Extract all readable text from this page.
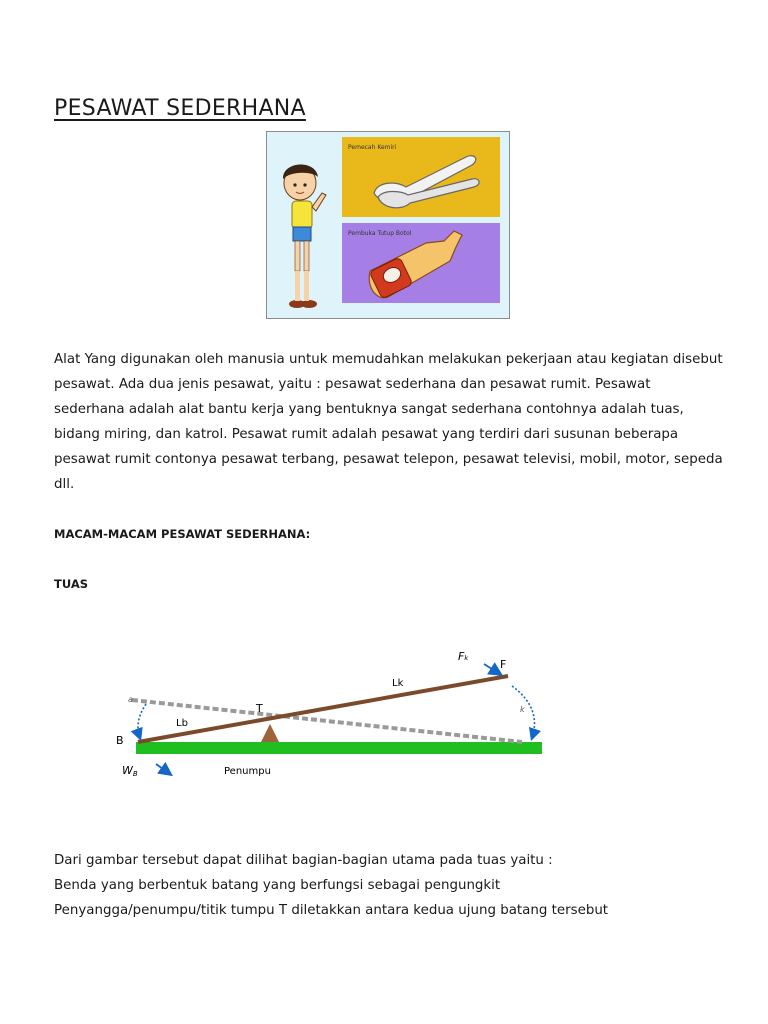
PESAWAT SEDERHANA
Pemecah Kemiri
Pembuka Tutup Botol

Alat Yang digunakan oleh manusia untuk memudahkan melakukan pekerjaan atau kegiatan disebut pesawat. Ada dua jenis pesawat, yaitu : pesawat sederhana dan pesawat rumit. Pesawat sederhana adalah alat bantu kerja yang bentuknya sangat sederhana contohnya adalah tuas, bidang miring, dan katrol. Pesawat rumit adalah pesawat yang terdiri dari susunan beberapa pesawat rumit contonya pesawat terbang, pesawat telepon, pesawat televisi, mobil, motor, sepeda dll.

MACAM-MACAM PESAWAT SEDERHANA:
TUAS
Fₖ
F
Lk
T
Lb
B
a
k
WB	Penumpu
Dari gambar tersebut dapat dilihat bagian-bagian utama pada tuas yaitu :
Benda yang berbentuk batang yang berfungsi sebagai pengungkit
Penyangga/penumpu/titik tumpu T diletakkan antara kedua ujung batang tersebut
